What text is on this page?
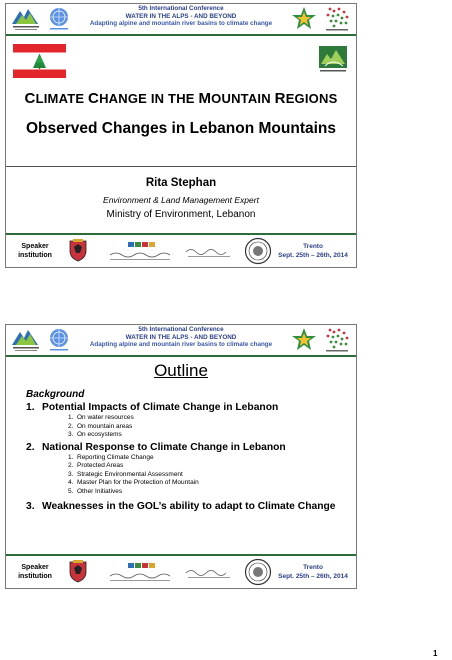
5th International Conference
WATER IN THE ALPS - AND BEYOND
Adapting alpine and mountain river basins to climate change
CLIMATE CHANGE IN THE MOUNTAIN REGIONS
Observed Changes in Lebanon Mountains
Rita Stephan
Environment & Land Management Expert
Ministry of Environment, Lebanon
Speaker
institution
Trento
Sept. 25th – 26th, 2014
5th International Conference
WATER IN THE ALPS - AND BEYOND
Adapting alpine and mountain river basins to climate change
Outline
Background
1. Potential Impacts of Climate Change in Lebanon
1. On water resources
2. On mountain areas
3. On ecosystems
2. National Response to Climate Change in Lebanon
1. Reporting Climate Change
2. Protected Areas
3. Strategic Environmental Assessment
4. Master Plan for the Protection of Mountain
5. Other Initiatives
3. Weaknesses in the GOL’s ability to adapt to Climate Change
Speaker
institution
Trento
Sept. 25th – 26th, 2014
1
